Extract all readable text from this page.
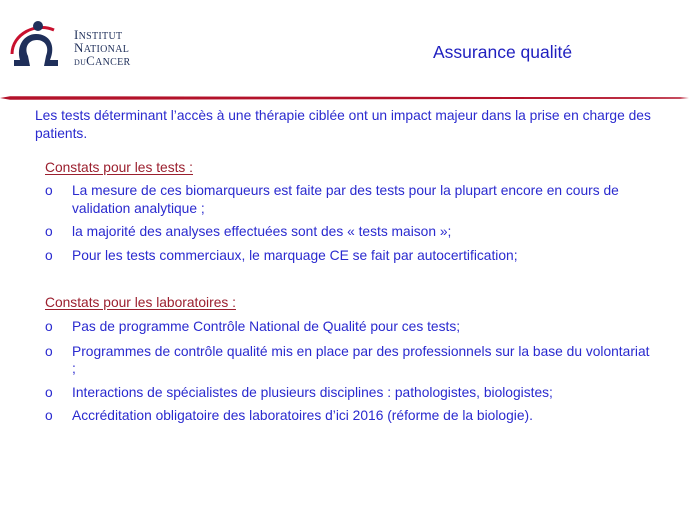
INSTITUT
NATIONAL
DUCANCER
Assurance qualité

Les tests déterminant l’accès à une thérapie ciblée ont un impact majeur dans la prise en charge des patients.

Constats pour les tests :

o La mesure de ces biomarqueurs est faite par des tests pour la plupart encore en cours de validation analytique ;
o la majorité des analyses effectuées sont des « tests maison »;
o Pour les tests commerciaux, le marquage CE se fait par autocertification;

Constats pour les laboratoires :

o Pas de programme Contrôle National de Qualité pour ces tests;
o Programmes de contrôle qualité mis en place par des professionnels sur la base du volontariat ;
o Interactions de spécialistes de plusieurs disciplines : pathologistes, biologistes;
o Accréditation obligatoire des laboratoires d’ici 2016 (réforme de la biologie).
